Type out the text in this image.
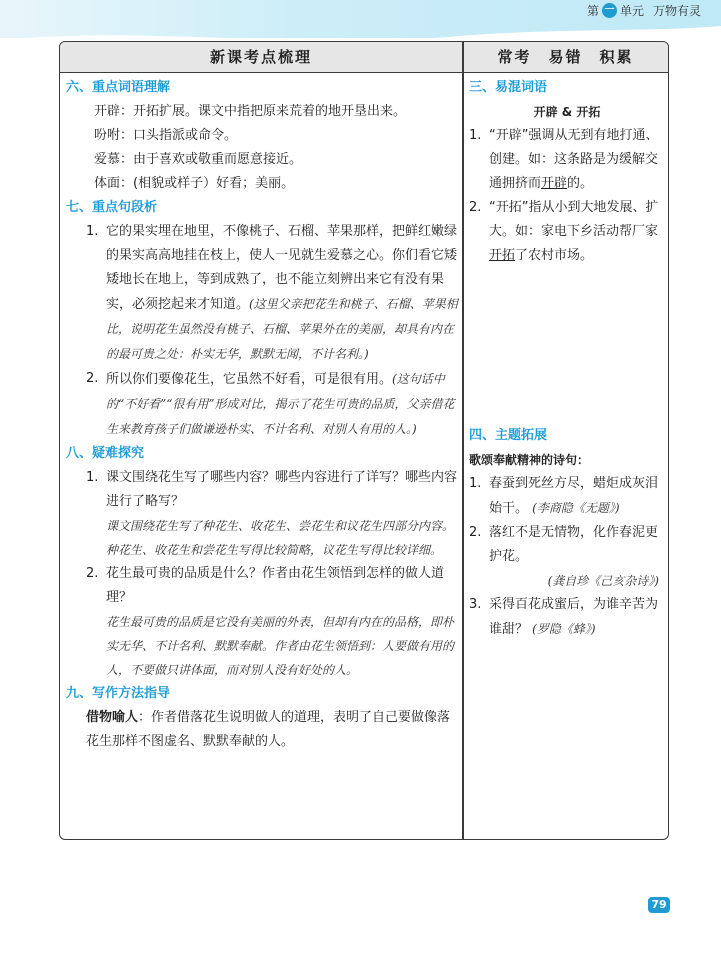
第 一 单元 万物有灵
新课考点梳理	常考　易错　积累
六、重点词语理解
开辟：开拓扩展。课文中指把原来荒着的地开垦出来。
吩咐：口头指派或命令。
爱慕：由于喜欢或敬重而愿意接近。
体面：(相貌或样子）好看；美丽。
七、重点句段析
1. 它的果实埋在地里，不像桃子、石榴、苹果那样，把鲜红嫩绿的果实高高地挂在枝上，使人一见就生爱慕之心。你们看它矮矮地长在地上，等到成熟了，也不能立刻辨出来它有没有果实，必须挖起来才知道。(这里父亲把花生和桃子、石榴、苹果相比，说明花生虽然没有桃子、石榴、苹果外在的美丽，却具有内在的最可贵之处：朴实无华，默默无闻，不计名利。)
2. 所以你们要像花生，它虽然不好看，可是很有用。(这句话中的“不好看”“很有用”形成对比，揭示了花生可贵的品质，父亲借花生来教育孩子们做谦逊朴实、不计名利、对别人有用的人。)
八、疑难探究
1. 课文围绕花生写了哪些内容？哪些内容进行了详写？哪些内容进行了略写？
课文围绕花生写了种花生、收花生、尝花生和议花生四部分内容。种花生、收花生和尝花生写得比较简略，议花生写得比较详细。
2. 花生最可贵的品质是什么？作者由花生领悟到怎样的做人道理？
花生最可贵的品质是它没有美丽的外表，但却有内在的品格，即朴实无华、不计名利、默默奉献。作者由花生领悟到：人要做有用的人，不要做只讲体面，而对别人没有好处的人。
九、写作方法指导
借物喻人：作者借落花生说明做人的道理，表明了自己要做像落花生那样不图虚名、默默奉献的人。
三、易混词语
开辟 & 开拓
1. “开辟”强调从无到有地打通、创建。如：这条路是为缓解交通拥挤而开辟的。
2. “开拓”指从小到大地发展、扩大。如：家电下乡活动帮厂家开拓了农村市场。
四、主题拓展
歌颂奉献精神的诗句：
1. 春蚕到死丝方尽，蜡炬成灰泪始干。 (李商隐《无题》)
2. 落红不是无情物，化作春泥更护花。
(龚自珍《己亥杂诗》)
3. 采得百花成蜜后，为谁辛苦为谁甜？ (罗隐《蜂》)
79
